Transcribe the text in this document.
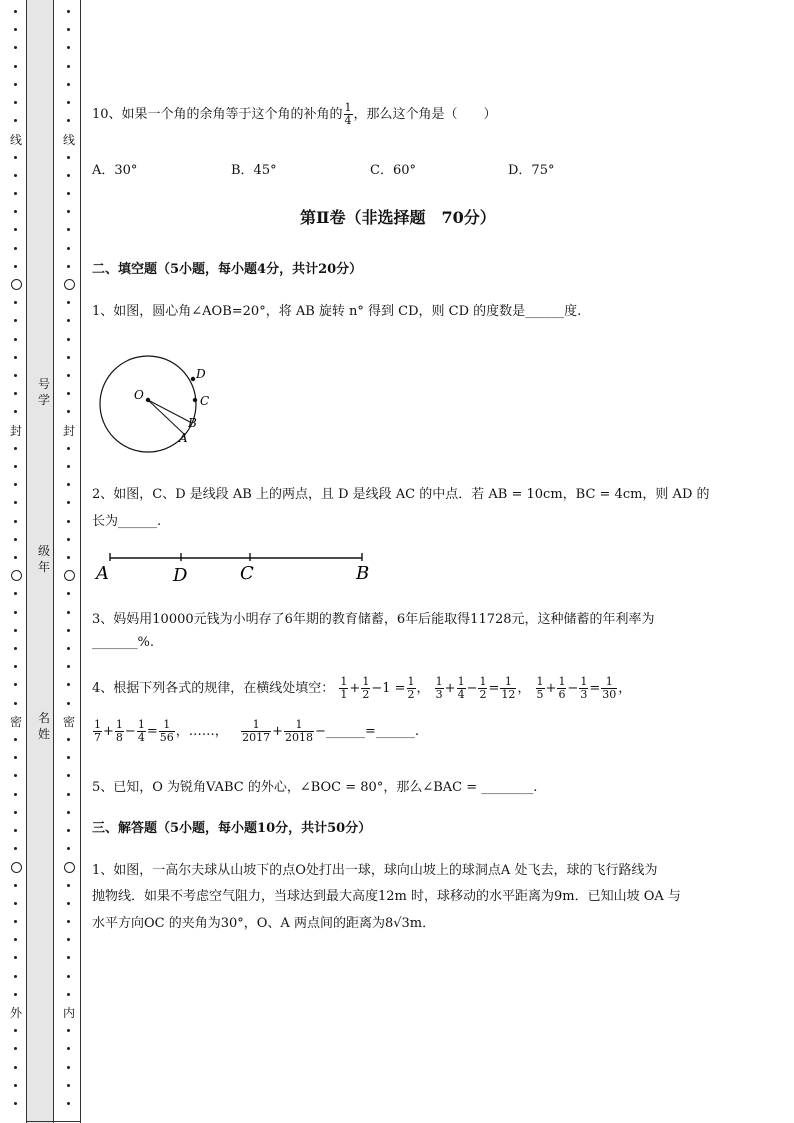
线
封
密
外
线
封
密
内
号学
级年
名姓
10、如果一个角的余角等于这个角的补角的 $\frac{1}{4}$ ，那么这个角是（　　）
A．30°	B．45°	C．60°	D．75°
第Ⅱ卷（非选择题　70分）
二、填空题（5小题，每小题4分，共计20分）
1、如图，圆心角∠AOB=20°，将 AB 旋转 n° 得到 CD，则 CD 的度数是______度.
O
D
C
B
A
2、如图，C、D 是线段 AB 上的两点，且 D 是线段 AC 的中点．若 AB = 10cm，BC = 4cm，则 AD 的
长为______.
A	D	C	B
3、妈妈用10000元钱为小明存了6年期的教育储蓄，6年后能取得11728元，这种储蓄的年利率为
_______%.
4、根据下列各式的规律，在横线处填空： $\frac{1}{1} + \frac{1}{2} -1 = \frac{1}{2}$ ， $\frac{1}{3} + \frac{1}{4} - \frac{1}{2} = \frac{1}{12}$ ， $\frac{1}{5} + \frac{1}{6} - \frac{1}{3} = \frac{1}{30}$ ，
$\frac{1}{7} + \frac{1}{8} - \frac{1}{4} = \frac{1}{56}$ ，……， $\frac{1}{2017} + \frac{1}{2018}$ −______=______.
5、已知，O 为锐角VABC 的外心，∠BOC = 80°，那么∠BAC = ________.
三、解答题（5小题，每小题10分，共计50分）
1、如图，一高尔夫球从山坡下的点O处打出一球，球向山坡上的球洞点A 处飞去，球的飞行路线为
抛物线．如果不考虑空气阻力，当球达到最大高度12m 时，球移动的水平距离为9m．已知山坡 OA 与
水平方向OC 的夹角为30°，O、A 两点间的距离为8√3m．
